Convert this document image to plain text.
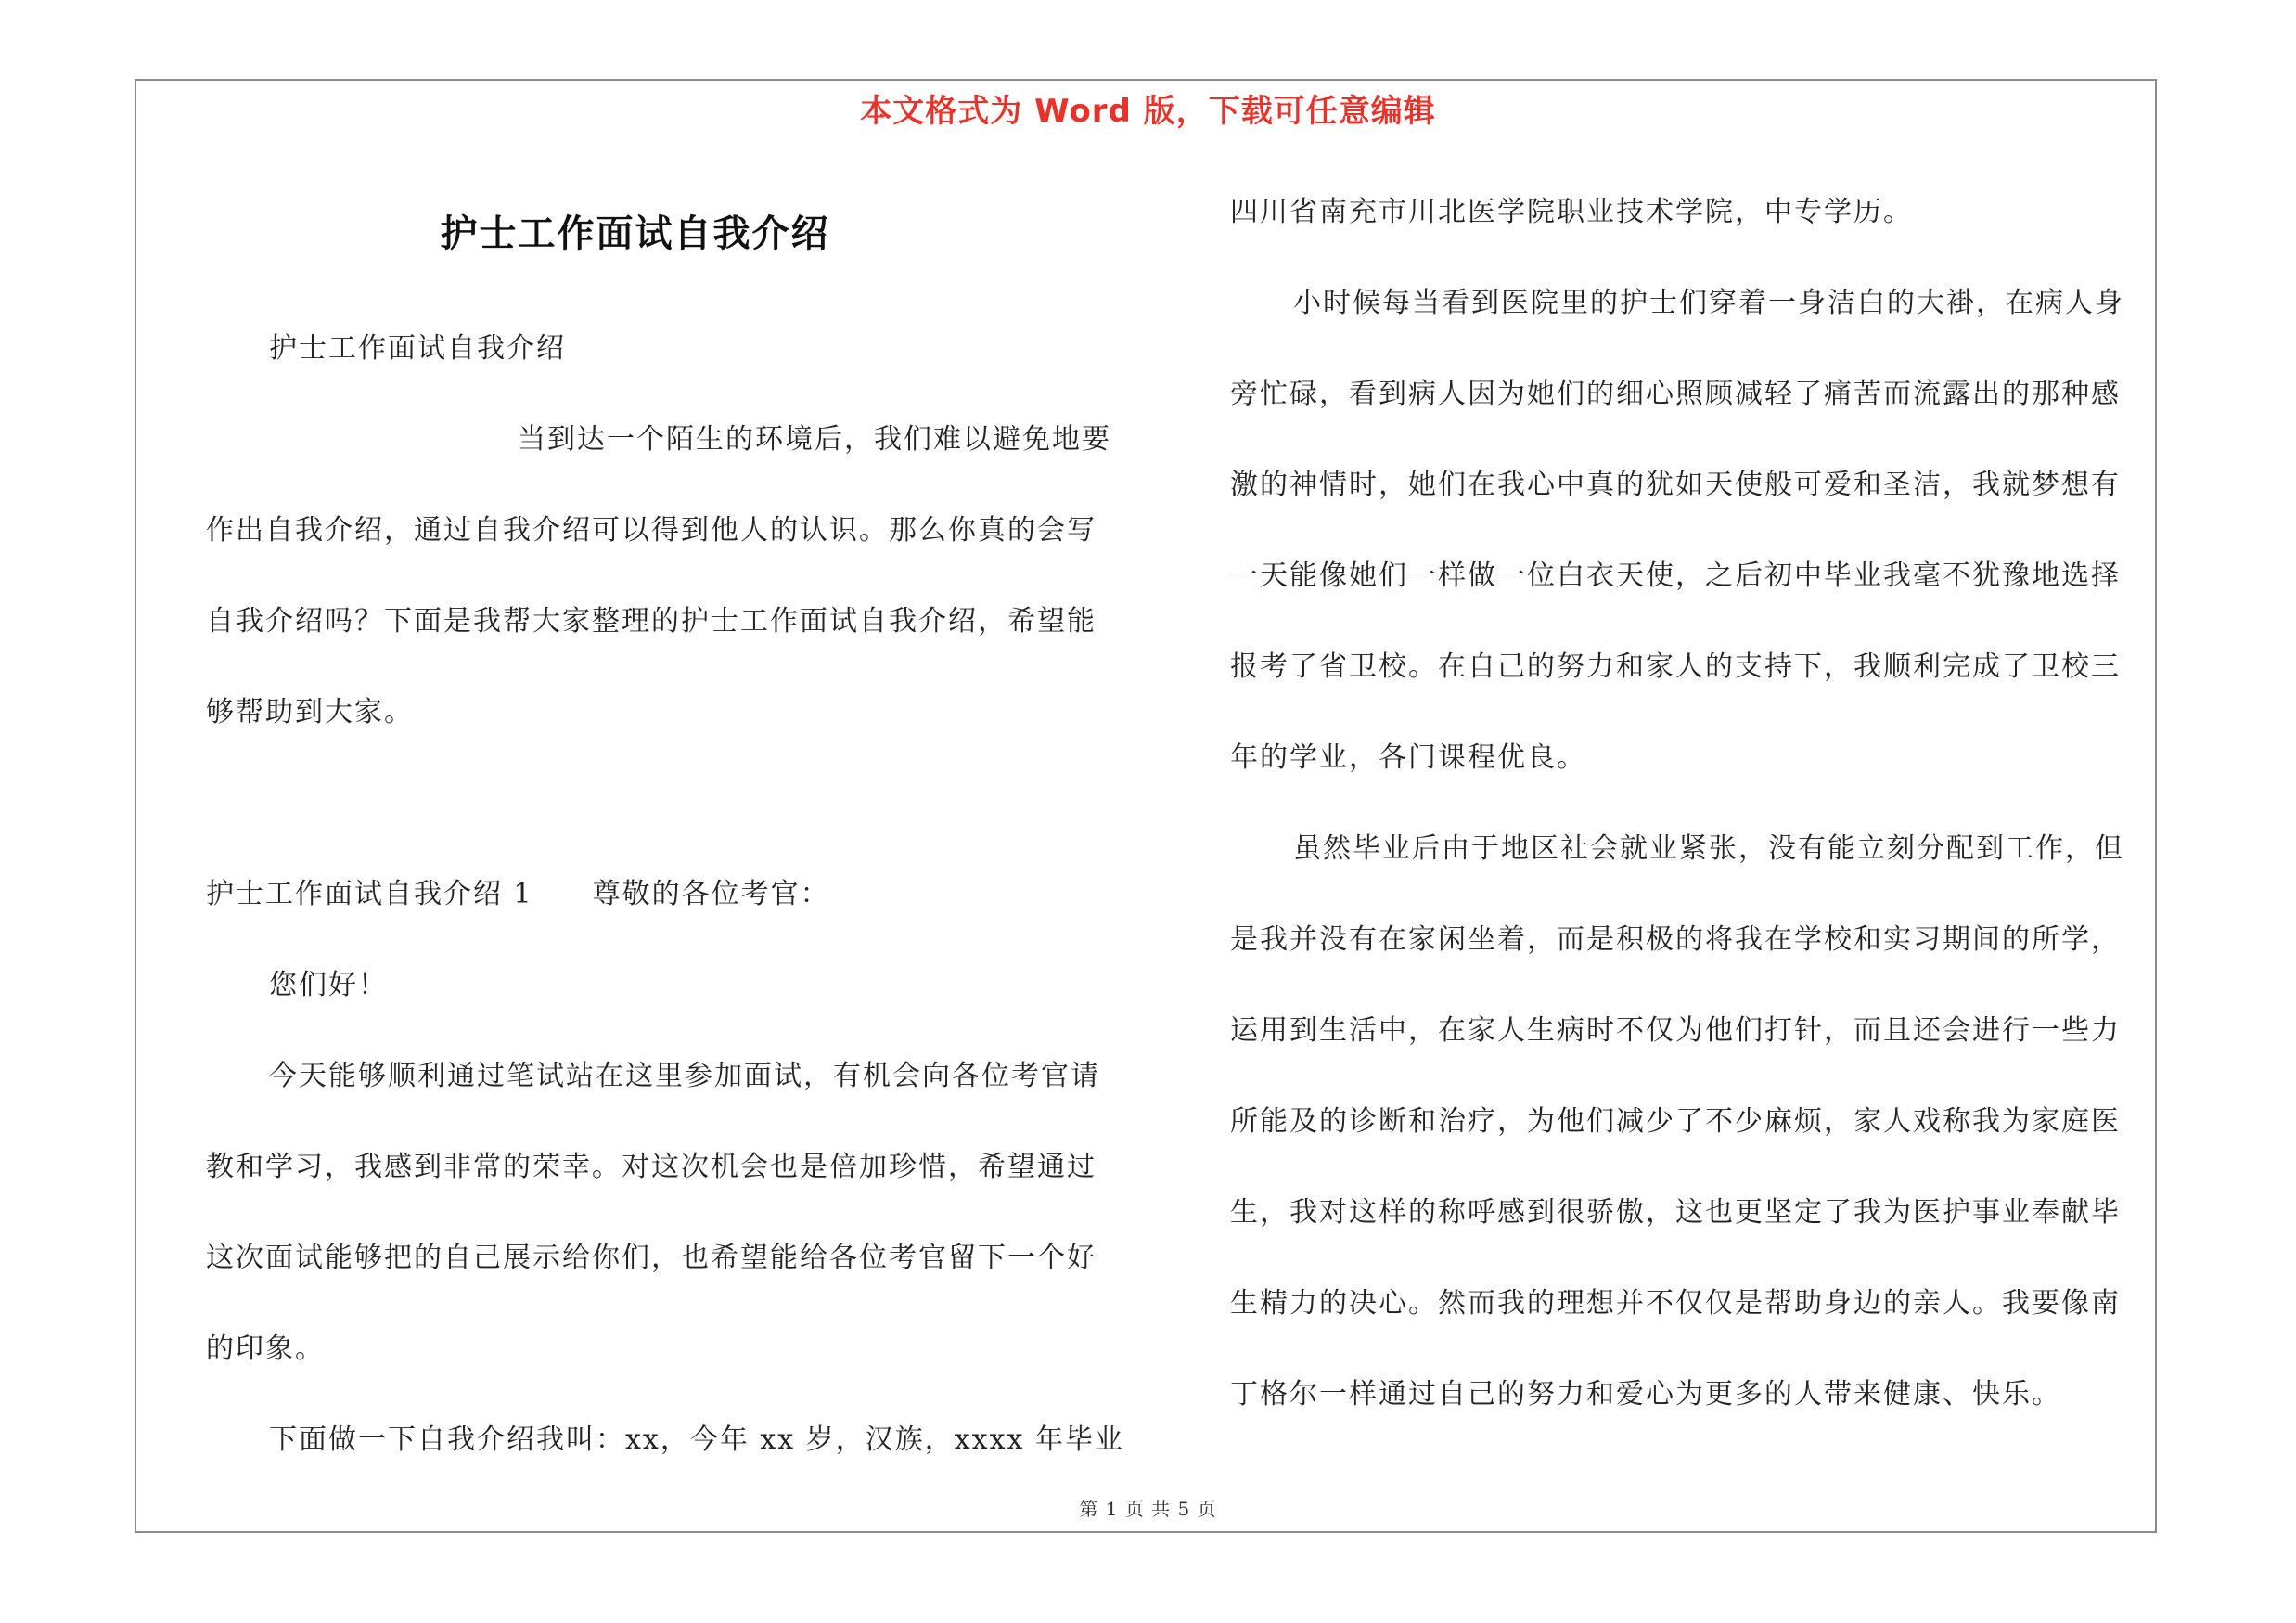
本文格式为 Word 版，下载可任意编辑
护士工作面试自我介绍
护士工作面试自我介绍
当到达一个陌生的环境后，我们难以避免地要
作出自我介绍，通过自我介绍可以得到他人的认识。那么你真的会写
自我介绍吗？下面是我帮大家整理的护士工作面试自我介绍，希望能
够帮助到大家。
护士工作面试自我介绍 1　　尊敬的各位考官：
您们好！
今天能够顺利通过笔试站在这里参加面试，有机会向各位考官请
教和学习，我感到非常的荣幸。对这次机会也是倍加珍惜，希望通过
这次面试能够把的自己展示给你们，也希望能给各位考官留下一个好
的印象。
下面做一下自我介绍我叫：xx，今年 xx 岁，汉族，xxxx 年毕业
四川省南充市川北医学院职业技术学院，中专学历。
小时候每当看到医院里的护士们穿着一身洁白的大褂，在病人身
旁忙碌，看到病人因为她们的细心照顾减轻了痛苦而流露出的那种感
激的神情时，她们在我心中真的犹如天使般可爱和圣洁，我就梦想有
一天能像她们一样做一位白衣天使，之后初中毕业我毫不犹豫地选择
报考了省卫校。在自己的努力和家人的支持下，我顺利完成了卫校三
年的学业，各门课程优良。
虽然毕业后由于地区社会就业紧张，没有能立刻分配到工作，但
是我并没有在家闲坐着，而是积极的将我在学校和实习期间的所学，
运用到生活中，在家人生病时不仅为他们打针，而且还会进行一些力
所能及的诊断和治疗，为他们减少了不少麻烦，家人戏称我为家庭医
生，我对这样的称呼感到很骄傲，这也更坚定了我为医护事业奉献毕
生精力的决心。然而我的理想并不仅仅是帮助身边的亲人。我要像南
丁格尔一样通过自己的努力和爱心为更多的人带来健康、快乐。
第 1 页 共 5 页
